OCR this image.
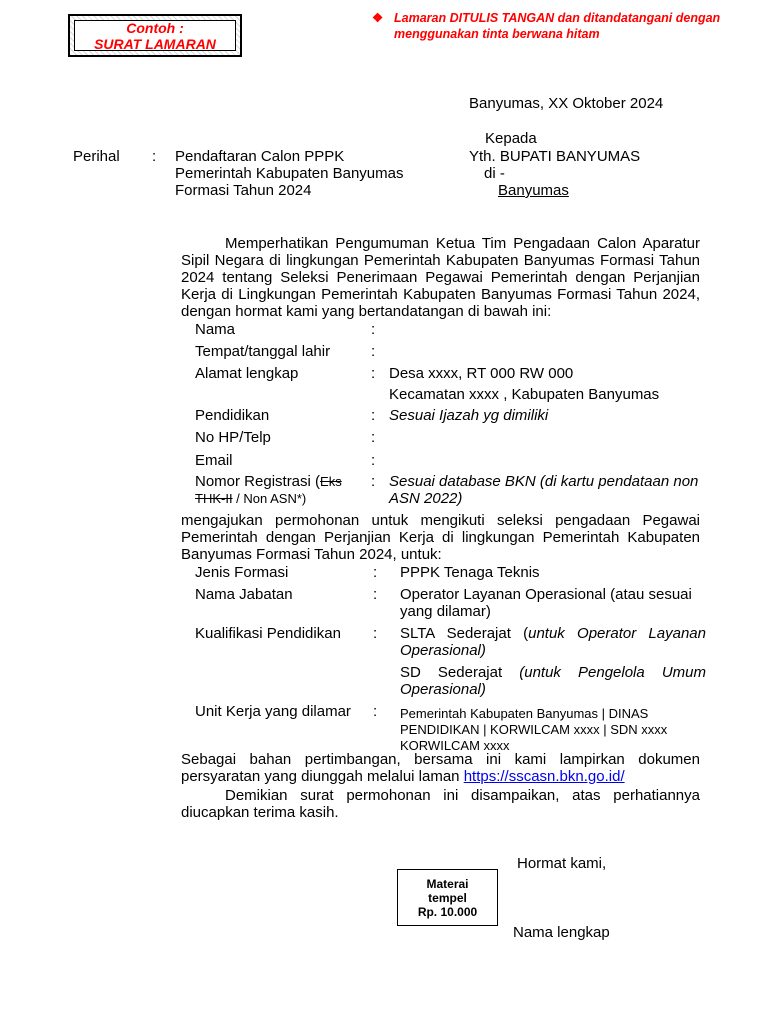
Contoh :
SURAT LAMARAN
❖ Lamaran DITULIS TANGAN dan ditandatangani dengan menggunakan tinta berwana hitam
Banyumas, XX Oktober 2024
Kepada
Yth. BUPATI BANYUMAS
di -
Banyumas
Perihal : Pendaftaran Calon PPPK
Pemerintah Kabupaten Banyumas
Formasi Tahun 2024
Memperhatikan Pengumuman Ketua Tim Pengadaan Calon Aparatur Sipil Negara di lingkungan Pemerintah Kabupaten Banyumas Formasi Tahun 2024 tentang Seleksi Penerimaan Pegawai Pemerintah dengan Perjanjian Kerja di Lingkungan Pemerintah Kabupaten Banyumas Formasi Tahun 2024, dengan hormat kami yang bertandatangan di bawah ini:
Nama	:
Tempat/tanggal lahir	:
Alamat lengkap	: Desa xxxx, RT 000 RW 000
Kecamatan xxxx , Kabupaten Banyumas
Pendidikan	: Sesuai Ijazah yg dimiliki
No HP/Telp	:
Email	:
Nomor Registrasi (Eks
THK-II / Non ASN*)
: Sesuai database BKN (di kartu pendataan non ASN 2022)
mengajukan permohonan untuk mengikuti seleksi pengadaan Pegawai Pemerintah dengan Perjanjian Kerja di lingkungan Pemerintah Kabupaten Banyumas Formasi Tahun 2024, untuk:
Jenis Formasi	: PPPK Tenaga Teknis
Nama Jabatan	: Operator Layanan Operasional (atau sesuai yang dilamar)
Kualifikasi Pendidikan : SLTA Sederajat (untuk Operator Layanan Operasional)
SD Sederajat (untuk Pengelola Umum Operasional)
Unit Kerja yang dilamar : Pemerintah Kabupaten Banyumas | DINAS PENDIDIKAN | KORWILCAM xxxx | SDN xxxx KORWILCAM xxxx
Sebagai bahan pertimbangan, bersama ini kami lampirkan dokumen persyaratan yang diunggah melalui laman https://sscasn.bkn.go.id/
Demikian surat permohonan ini disampaikan, atas perhatiannya diucapkan terima kasih.
Hormat kami,
Materai
tempel
Rp. 10.000
Nama lengkap
